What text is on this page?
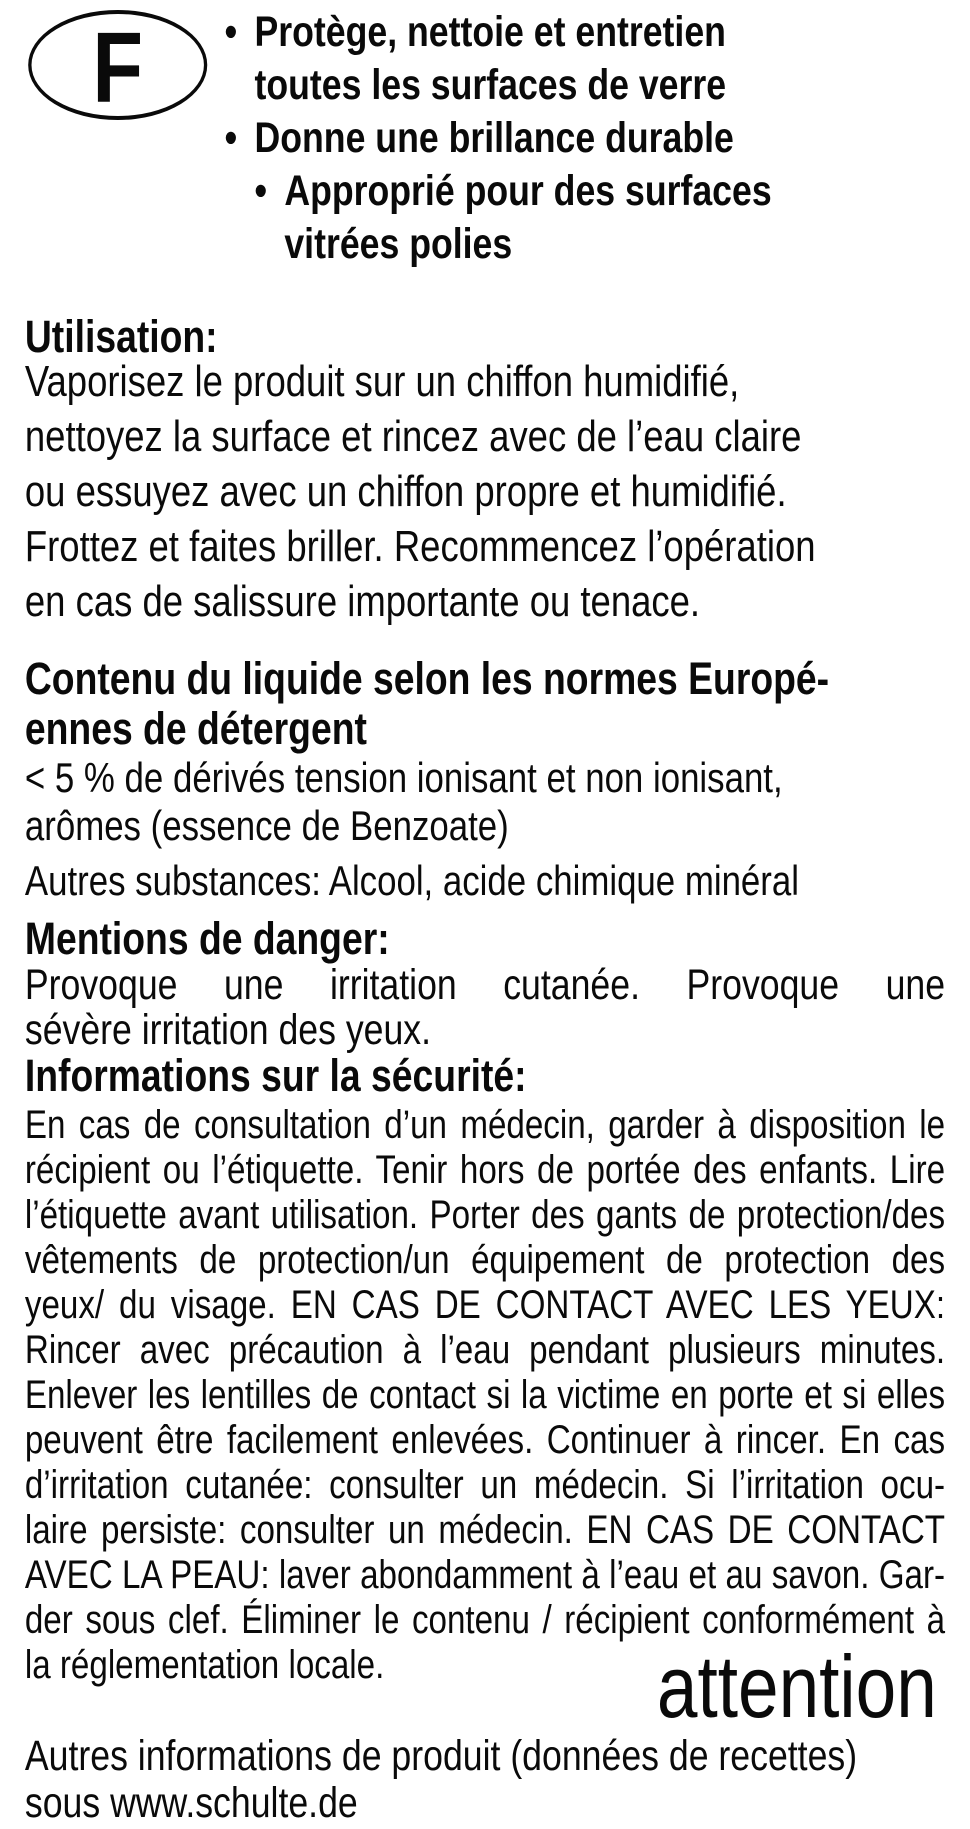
F • Protège, nettoie et entretien
toutes les surfaces de verre
• Donne une brillance durable
• Approprié pour des surfaces
vitrées polies
Utilisation:
Vaporisez le produit sur un chiffon humidifié,
nettoyez la surface et rincez avec de l’eau claire
ou essuyez avec un chiffon propre et humidifié.
Frottez et faites briller. Recommencez l’opération
en cas de salissure importante ou tenace.
Contenu du liquide selon les normes Europé-
ennes de détergent
< 5 % de dérivés tension ionisant et non ionisant,
arômes (essence de Benzoate)
Autres substances: Alcool, acide chimique minéral
Mentions de danger:
Provoque une irritation cutanée. Provoque une
sévère irritation des yeux.
Informations sur la sécurité:
En cas de consultation d’un médecin, garder à disposition le
récipient ou l’étiquette. Tenir hors de portée des enfants. Lire
l’étiquette avant utilisation. Porter des gants de protection/des
vêtements de protection/un équipement de protection des
yeux/ du visage. EN CAS DE CONTACT AVEC LES YEUX:
Rincer avec précaution à l’eau pendant plusieurs minutes.
Enlever les lentilles de contact si la victime en porte et si elles
peuvent être facilement enlevées. Continuer à rincer. En cas
d’irritation cutanée: consulter un médecin. Si l’irritation ocu-
laire persiste: consulter un médecin. EN CAS DE CONTACT
AVEC LA PEAU: laver abondamment à l’eau et au savon. Gar-
der sous clef. Éliminer le contenu / récipient conformément à
la réglementation locale.	attention
Autres informations de produit (données de recettes)
sous www.schulte.de
